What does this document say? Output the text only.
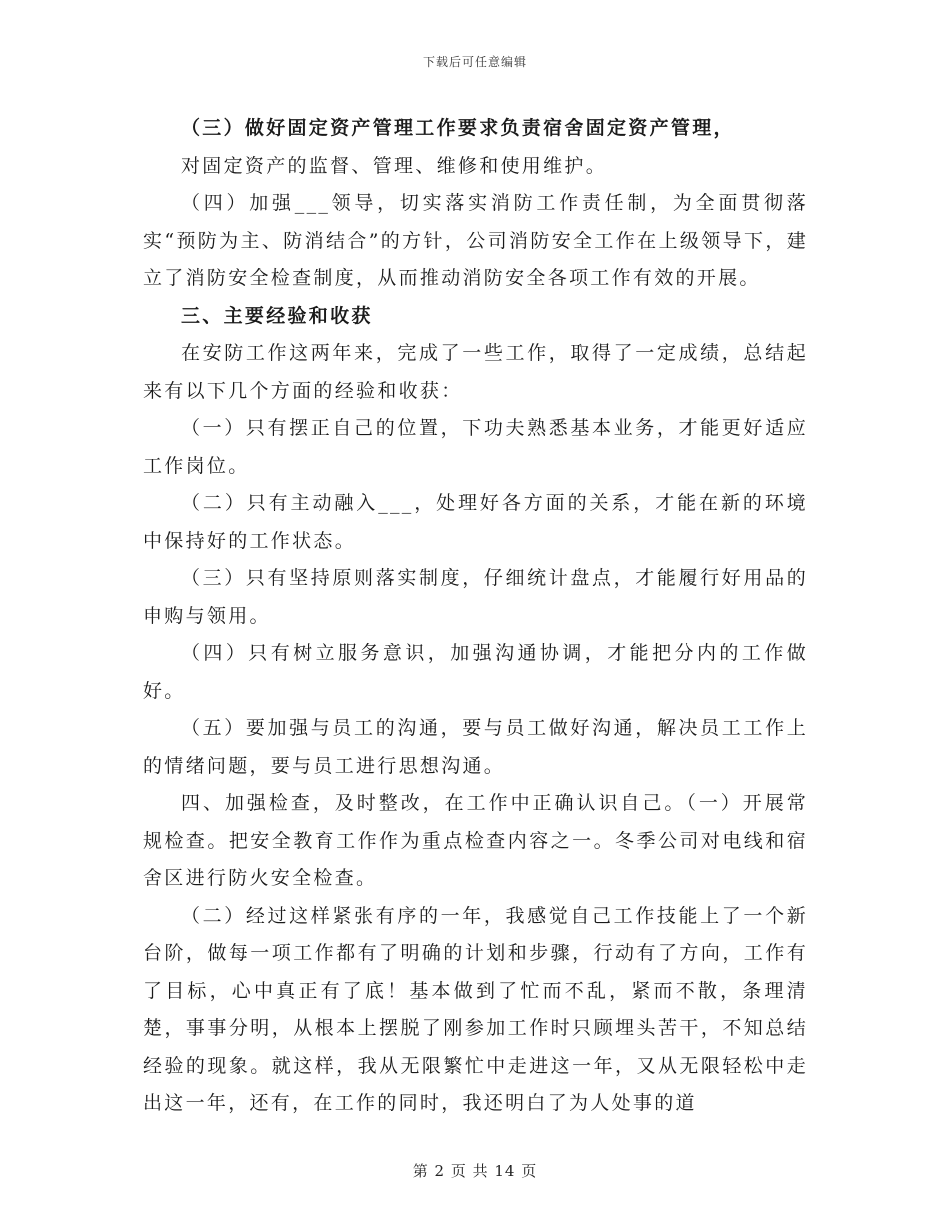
下载后可任意编辑

（三）做好固定资产管理工作要求负责宿舍固定资产管理，

对固定资产的监督、管理、维修和使用维护。

（四）加强___领导，切实落实消防工作责任制，为全面贯彻落实“预防为主、防消结合”的方针，公司消防安全工作在上级领导下，建立了消防安全检查制度，从而推动消防安全各项工作有效的开展。

三、主要经验和收获

在安防工作这两年来，完成了一些工作，取得了一定成绩，总结起来有以下几个方面的经验和收获：

（一）只有摆正自己的位置，下功夫熟悉基本业务，才能更好适应工作岗位。

（二）只有主动融入___，处理好各方面的关系，才能在新的环境中保持好的工作状态。

（三）只有坚持原则落实制度，仔细统计盘点，才能履行好用品的申购与领用。

（四）只有树立服务意识，加强沟通协调，才能把分内的工作做好。

（五）要加强与员工的沟通，要与员工做好沟通，解决员工工作上的情绪问题，要与员工进行思想沟通。

四、加强检查，及时整改，在工作中正确认识自己。（一）开展常规检查。把安全教育工作作为重点检查内容之一。冬季公司对电线和宿舍区进行防火安全检查。

（二）经过这样紧张有序的一年，我感觉自己工作技能上了一个新台阶，做每一项工作都有了明确的计划和步骤，行动有了方向，工作有了目标，心中真正有了底！基本做到了忙而不乱，紧而不散，条理清楚，事事分明，从根本上摆脱了刚参加工作时只顾埋头苦干，不知总结经验的现象。就这样，我从无限繁忙中走进这一年，又从无限轻松中走出这一年，还有，在工作的同时，我还明白了为人处事的道

第 2 页 共 14 页
